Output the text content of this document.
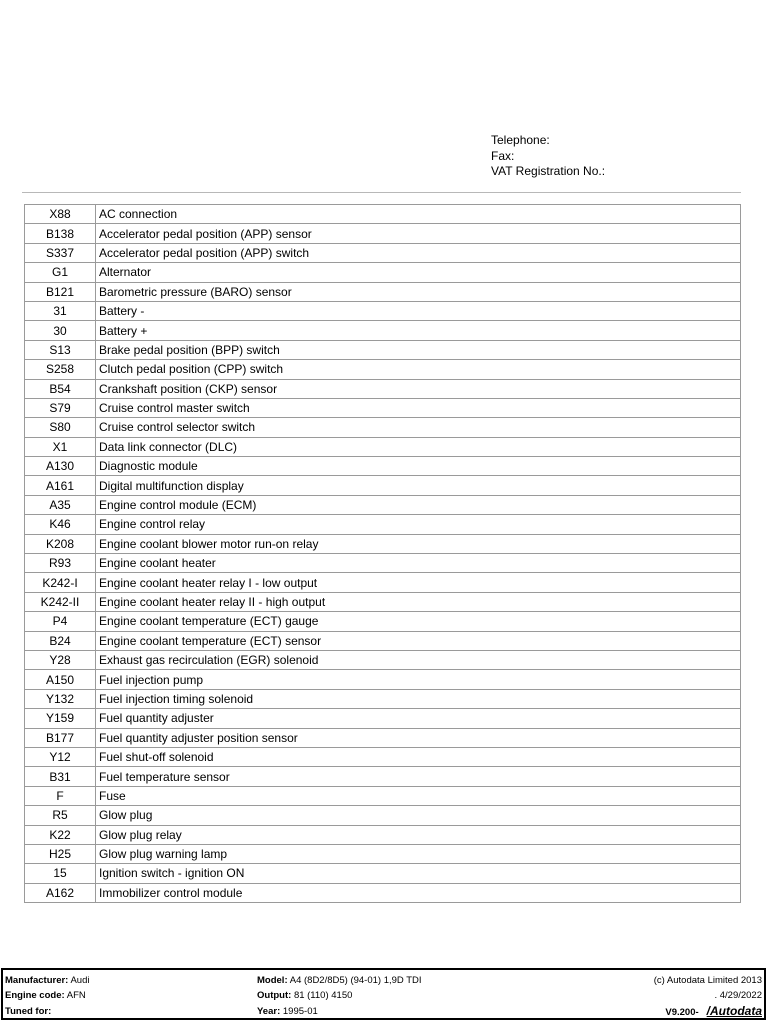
Telephone:
Fax:
VAT Registration No.:
X88	AC connection
B138	Accelerator pedal position (APP) sensor
S337	Accelerator pedal position (APP) switch
G1	Alternator
B121	Barometric pressure (BARO) sensor
31	Battery -
30	Battery +
S13	Brake pedal position (BPP) switch
S258	Clutch pedal position (CPP) switch
B54	Crankshaft position (CKP) sensor
S79	Cruise control master switch
S80	Cruise control selector switch
X1	Data link connector (DLC)
A130	Diagnostic module
A161	Digital multifunction display
A35	Engine control module (ECM)
K46	Engine control relay
K208	Engine coolant blower motor run-on relay
R93	Engine coolant heater
K242-I	Engine coolant heater relay I - low output
K242-II	Engine coolant heater relay II - high output
P4	Engine coolant temperature (ECT) gauge
B24	Engine coolant temperature (ECT) sensor
Y28	Exhaust gas recirculation (EGR) solenoid
A150	Fuel injection pump
Y132	Fuel injection timing solenoid
Y159	Fuel quantity adjuster
B177	Fuel quantity adjuster position sensor
Y12	Fuel shut-off solenoid
B31	Fuel temperature sensor
F	Fuse
R5	Glow plug
K22	Glow plug relay
H25	Glow plug warning lamp
15	Ignition switch - ignition ON
A162	Immobilizer control module
Manufacturer: Audi
Engine code: AFN
Tuned for:
Model: A4 (8D2/8D5) (94-01) 1,9D TDI
Output: 81 (110) 4150
Year: 1995-01
(c) Autodata Limited 2013
. 4/29/2022
V9.200- /Autodata
